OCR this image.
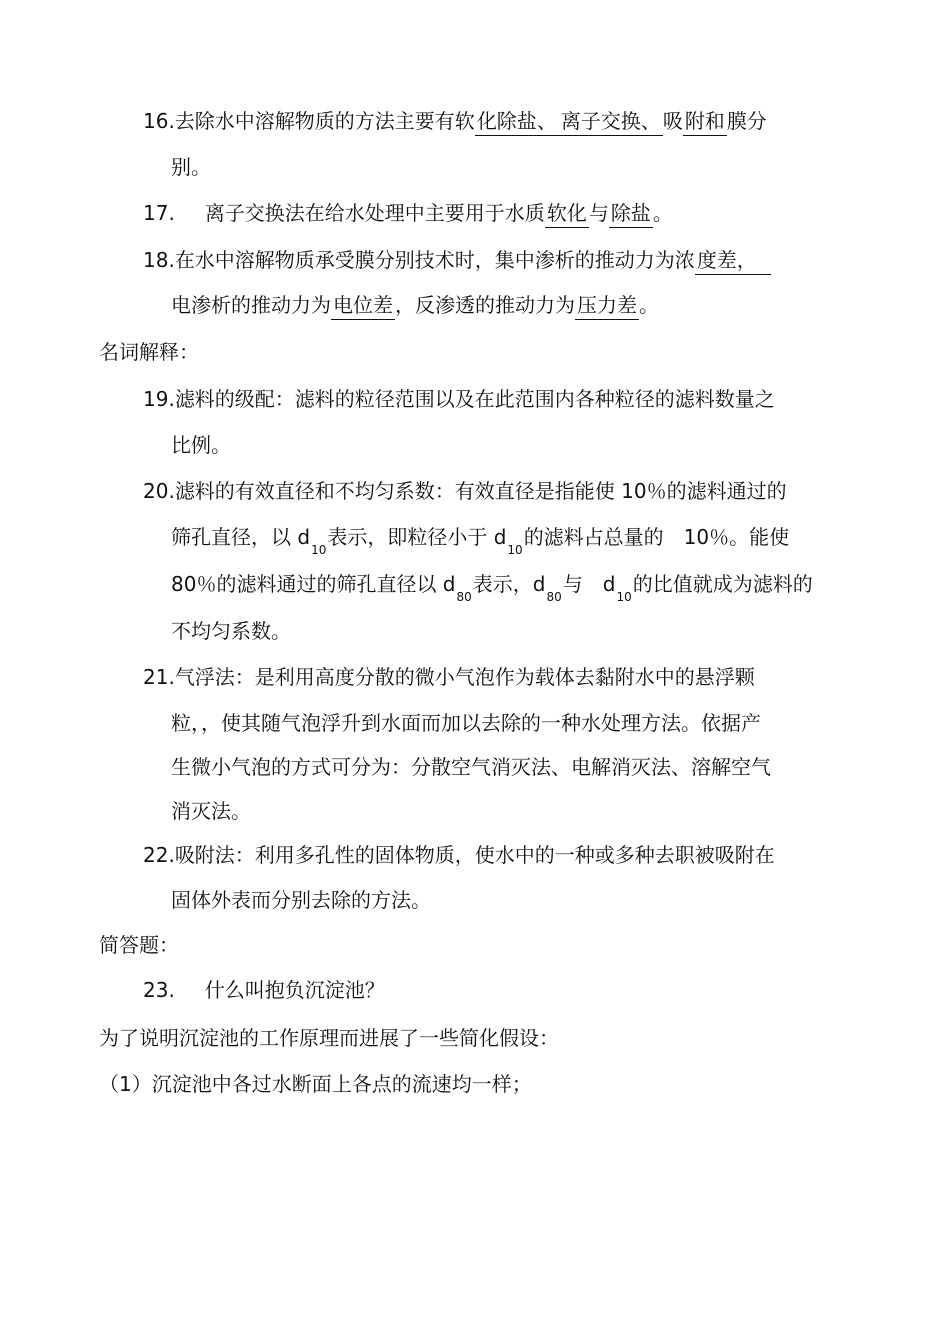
16.去除水中溶解物质的方法主要有软 化除盐、 离子交换、 吸 附和 膜分
别。
17. 离子交换法在给水处理中主要用于水质 软化 与 除盐 。
18.在水中溶解物质承受膜分别技术时，集中渗析的推动力为浓 度差，
电渗析的推动力为 电位差 ，反渗透的推动力为 压力差 。
名词解释：
19.滤料的级配：滤料的粒径范围以及在此范围内各种粒径的滤料数量之
比例。
20.滤料的有效直径和不均匀系数：有效直径是指能使 10％的滤料通过的
筛孔直径，以 $d_{10}$表示，即粒径小于 $d_{10}$的滤料占总量的　10％。能使
80％的滤料通过的筛孔直径以 $d_{80}$表示，$d_{80}$与　$d_{10}$的比值就成为滤料的
不均匀系数。
21.气浮法：是利用高度分散的微小气泡作为载体去黏附水中的悬浮颗
粒，，使其随气泡浮升到水面而加以去除的一种水处理方法。依据产
生微小气泡的方式可分为：分散空气消灭法、电解消灭法、溶解空气
消灭法。
22.吸附法：利用多孔性的固体物质，使水中的一种或多种去职被吸附在
固体外表而分别去除的方法。
简答题：
23. 什么叫抱负沉淀池？
为了说明沉淀池的工作原理而进展了一些简化假设：
（1）沉淀池中各过水断面上各点的流速均一样；
